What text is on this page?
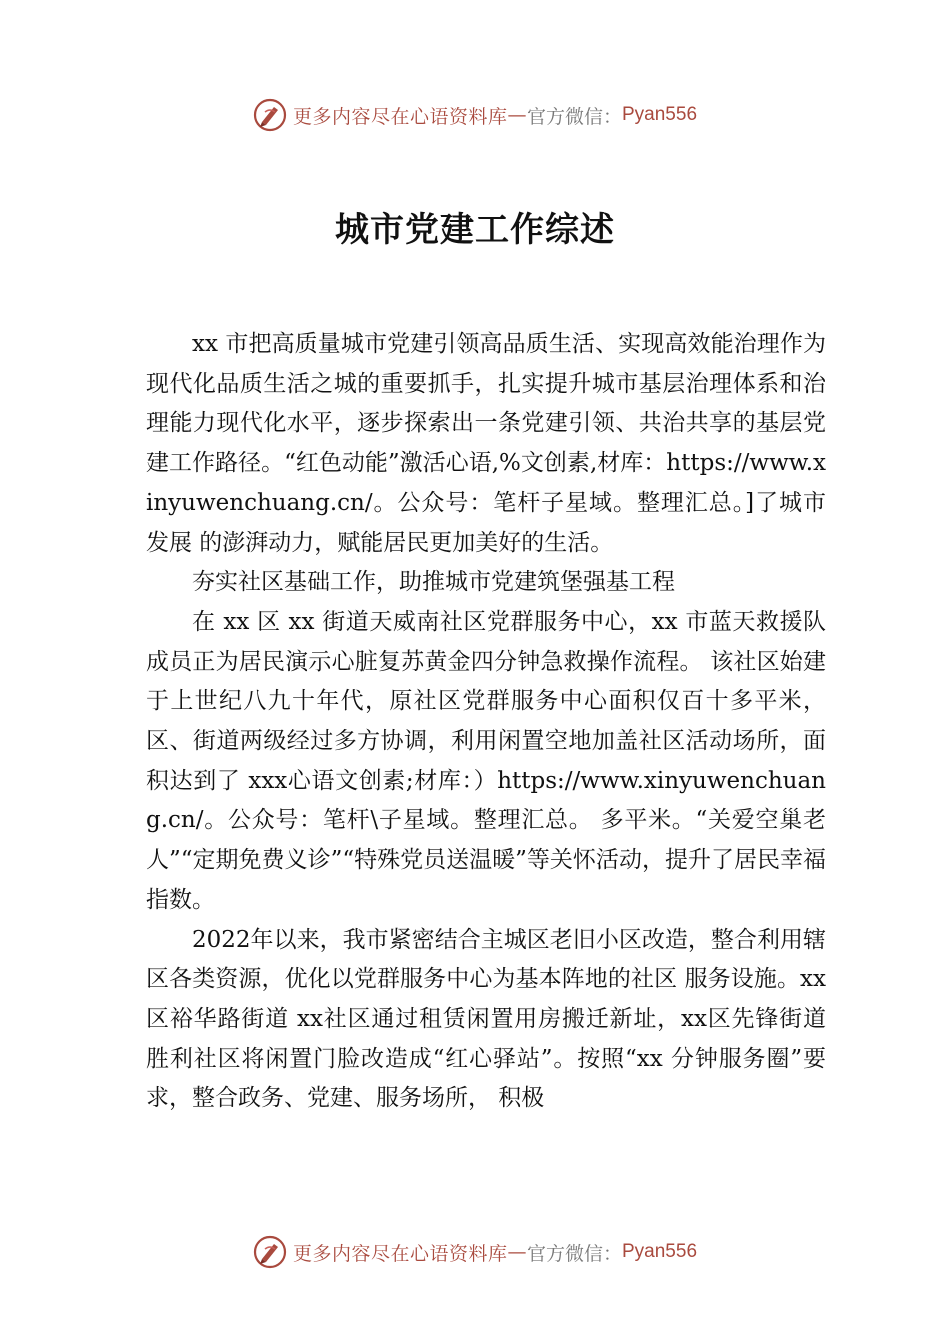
更多内容尽在心语资料库 — 官方微信： Pyan556
城市党建工作综述

xx 市把高质量城市党建引领高品质生活、实现高效能治理作为现代化品质生活之城的重要抓手，扎实提升城市基层治理体系和治理能力现代化水平，逐步探索出一条党建引领、共治共享的基层党建工作路径。“红色动能”激活心语,%文创素,材库：https://www.xinyuwenchuang.cn/。公众号：笔杆子星域。整理汇总。]了城市发展 的澎湃动力，赋能居民更加美好的生活。

夯实社区基础工作，助推城市党建筑堡强基工程

在 xx 区 xx 街道天威南社区党群服务中心，xx 市蓝天救援队成员正为居民演示心脏复苏黄金四分钟急救操作流程。 该社区始建于上世纪八九十年代，原社区党群服务中心面积仅百十多平米，区、街道两级经过多方协调，利用闲置空地加盖社区活动场所，面积达到了 xxx心语文创素;材库：）https://www.xinyuwenchuang.cn/。公众号：笔杆\子星域。整理汇总。 多平米。“关爱空巢老人”“定期免费义诊”“特殊党员送温暖”等关怀活动，提升了居民幸福指数。

2022年以来，我市紧密结合主城区老旧小区改造，整合利用辖区各类资源，优化以党群服务中心为基本阵地的社区 服务设施。xx区裕华路街道 xx社区通过租赁闲置用房搬迁新址，xx区先锋街道胜利社区将闲置门脸改造成“红心驿站”。按照“xx 分钟服务圈”要求，整合政务、党建、服务场所， 积极

更多内容尽在心语资料库 — 官方微信： Pyan556
